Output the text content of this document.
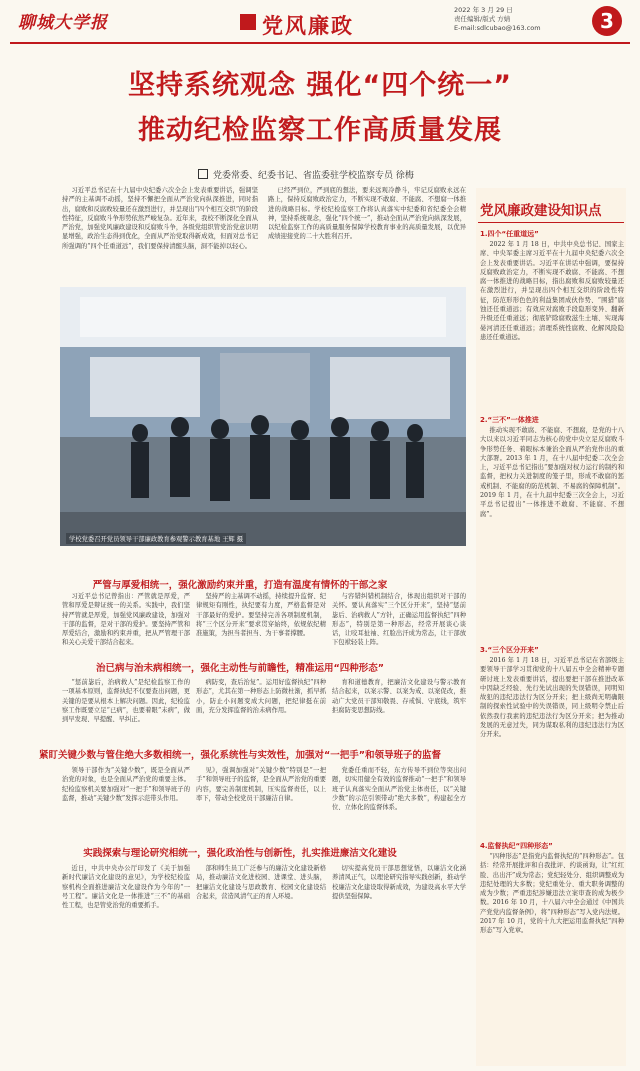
聊城大学报	党风廉政
2022 年 3 月 29 日
责任编辑/版式 方婧
E-mail:sdlcubao@163.com	3
坚持系统观念 强化“四个统一”
推动纪检监察工作高质量发展
党委常委、纪委书记、省监委驻学校监察专员 徐梅
习近平总书记在十九届中央纪委六次全会上发表重要讲话，强调坚持严的主基调不动摇，坚持不懈把全面从严治党向纵深推进，同时指出，腐败和反腐败较量还在激烈进行，并呈现出“四个相互交织”的阶段性特征，反腐败斗争形势依然严峻复杂。近年来，我校不断深化全面从严治党，加强党风廉政建设和反腐败斗争，各级党组织管党治党意识明显增强，政治生态得到优化，全面从严治党取得新成效，但面对总书记所强调的“四个任重道远”，我们要保持清醒头脑，洞不能掉以轻心。
已经严到位，严到底的想法，要来远观冷静斗，牢记反腐败永远在路上，保持反腐败政治定力，不断实现不敢腐、不能腐、不想腐一体推进的战略目标。学校纪检监察工作将认真落实中纪委和省纪委全会精神，坚持系统观念，强化“四个统一”，推动全面从严治党向纵深发展，以纪检监察工作的高质量服务保障学校教育事业的高质量发展，以优异成绩迎接党的二十大胜利召开。
学校党委召开党员领导干部廉政教育参观警示教育基地 王辉 摄
严管与厚爱相统一，强化激励约束并重，打造有温度有情怀的干部之家
习近平总书记曾指出：严管就是厚爱，严管和厚爱是辩证统一的关系。实践中，我们坚持严管就是厚爱，加强党风廉政建设，加强对干部的监督，是对干部的爱护。要坚持严管和厚爱结合，激励和约束并重，把从严管理干部和关心关爱干部结合起来。
坚持严的主基调不动摇，持续提升监督、纪律规矩有刚性，执纪要有力度，严格监督是对干部最好的爱护。要坚持完善各项制度机制，将“三个区分开来”要求贯穿始终，依规依纪精准施策，为担当者担当、为干事者撑腰。
与容错纠错机制结合，体现出组织对干部的关怀。要认真落实“三个区分开来”，坚持“惩前毖后、治病救人”方针，正确运用监督执纪“四种形态”，特别是第一种形态，经常开展谈心谈话，让咬耳扯袖、红脸出汗成为常态，让干部放下包袱轻装上阵。
治已病与治未病相统一，强化主动性与前瞻性，精准运用“四种形态”
“惩前毖后，治病救人”是纪检监察工作的一项基本原则，监督执纪不仅要查出问题，更关键的是要从根本上解决问题。因此，纪检监察工作既要立足“已病”，也要着眼“未病”，做到早发现、早提醒、早纠正。
病防变，查后治复”。运用好监督执纪“四种形态”，尤其在第一种形态上防微杜渐，抓早抓小，防止小问题变成大问题，把纪律挺在前面，充分发挥监督的治未病作用。
育和道德教育，把廉洁文化建设与警示教育结合起来，以案示警、以案为戒、以案促改，推动广大党员干部知敬畏、存戒惧、守底线，筑牢拒腐防变思想防线。
紧盯关键少数与管住绝大多数相统一，强化系统性与实效性，加强对“一把手”和领导班子的监督
领导干部作为“关键少数”，既是全面从严治党的对象，也是全面从严治党的重要主体。纪检监察机关要加强对“一把手”和领导班子的监督，推动“关键少数”发挥示范带头作用。
见》，强调加强对“关键少数”特别是“一把手”和领导班子的监督，是全面从严治党的重要内容，要完善制度机制，压实监督责任，以上率下，带动全校党员干部廉洁自律。
党委任重而不轻，东方传导不到位等突出问题，切实用健全有效的监督推动“一把手”和领导班子认真落实全面从严治党主体责任，以“关键少数”的示范引领带动“绝大多数”，构建起全方位、立体化的监督体系。
实践探索与理论研究相统一，强化政治性与创新性，扎实推进廉洁文化建设
近日，中共中央办公厅印发了《关于加强新时代廉洁文化建设的意见》，为学校纪检监察机构全面推进廉洁文化建设作为今年的“一号工程”。廉洁文化是一体推进“三不”的基础性工程，也是管党治党的重要抓手。
部和师生员工广泛参与的廉洁文化建设新格局，推动廉洁文化进校园、进课堂、进头脑，把廉洁文化建设与思政教育、校园文化建设结合起来，营造风清气正的育人环境。
切实提高党员干部思想觉悟，以廉洁文化涵养清风正气，以理论研究指导实践创新，推动学校廉洁文化建设取得新成效，为建设高水平大学提供坚强保障。
党风廉政建设知识点
1.四个“任重道远”
2022 年 1 月 18 日，中共中央总书记、国家主席、中央军委主席习近平在十九届中央纪委六次全会上发表重要讲话。习近平在讲话中强调，要保持反腐败政治定力，不断实现不敢腐、不能腐、不想腐一体推进的战略目标，指出腐败和反腐败较量还在激烈进行，并呈现出四个相互交织的阶段性特征，防范形形色色的利益集团成伙作势、“围猎”腐蚀还任重道远；有效应对腐败手段隐形变异、翻新升级还任重道远；彻底铲除腐败滋生土壤、实现海晏河清还任重道远；清理系统性腐败、化解风险隐患还任重道远。
2.“三不”一体推进
推动实现不敢腐、不能腐、不想腐，是党的十八大以来以习近平同志为核心的党中央立足反腐败斗争形势任务、着眼标本兼治全面从严治党作出的重大部署。2013 年 1 月，在十八届中纪委二次全会上，习近平总书记指出“要加强对权力运行的制约和监督，把权力关进制度的笼子里，形成不敢腐的惩戒机制、不能腐的防范机制、不易腐的保障机制”。2019 年 1 月，在十九届中纪委三次全会上，习近平总书记提出“一体推进不敢腐、不能腐、不想腐”。
3.“三个区分开来”
2016 年 1 月 18 日，习近平总书记在省部级主要领导干部学习贯彻党的十八届五中全会精神专题研讨班上发表重要讲话，提出要把干部在推进改革中因缺乏经验、先行先试出现的失误错误，同明知故犯的违纪违法行为区分开来；把上级尚无明确限制的探索性试验中的失误错误，同上级明令禁止后依然我行我素的违纪违法行为区分开来；把为推动发展的无意过失，同为谋取私利的违纪违法行为区分开来。
4.监督执纪“四种形态”
“四种形态”是指党内监督执纪的“四种形态”。包括：经常开展批评和自我批评、约谈函询，让“红红脸、出出汗”成为常态；党纪轻处分、组织调整成为违纪处理的大多数；党纪重处分、重大职务调整的成为少数；严重违纪涉嫌违法立案审查的成为极少数。2016 年 10 月，十八届六中全会通过《中国共产党党内监督条例》，将“四种形态”写入党内法规。2017 年 10 月，党的十九大把运用监督执纪“四种形态”写入党章。
